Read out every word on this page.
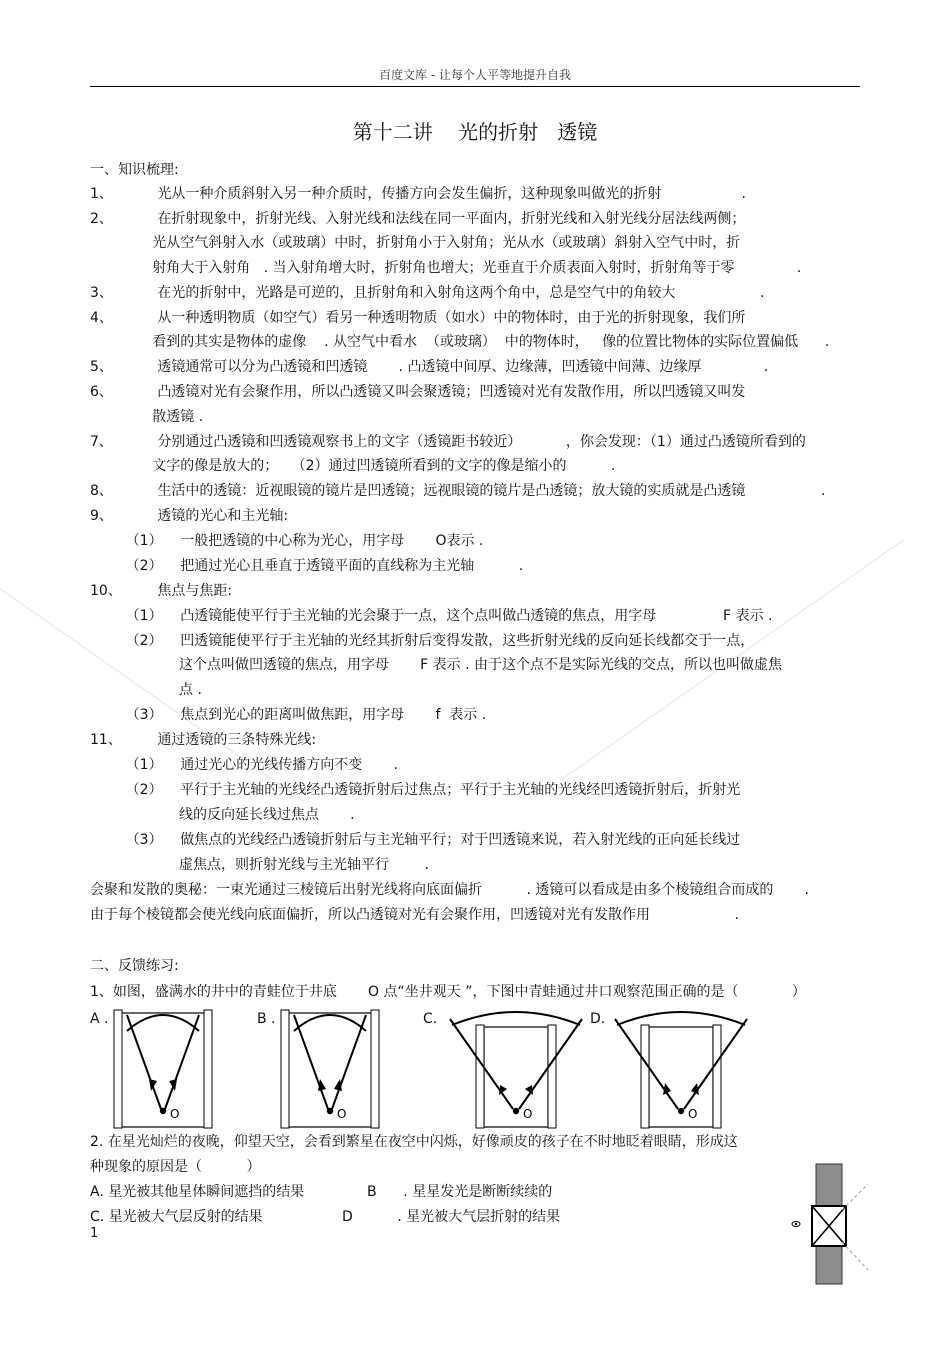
百度文库 - 让每个人平等地提升自我
第十二讲    光的折射   透镜
一、知识梳理:
1、          光从一种介质斜射入另一种介质时，传播方向会发生偏折，这种现象叫做光的折射                  .
2、          在折射现象中，折射光线、入射光线和法线在同一平面内，折射光线和入射光线分居法线两侧；
光从空气斜射入水（或玻璃）中时，折射角小于入射角；光从水（或玻璃）斜射入空气中时，折
射角大于入射角   . 当入射角增大时，折射角也增大；光垂直于介质表面入射时，折射角等于零              .
3、          在光的折射中，光路是可逆的，且折射角和入射角这两个角中，总是空气中的角较大                   .
4、          从一种透明物质（如空气）看另一种透明物质（如水）中的物体时，由于光的折射现象，我们所
看到的其实是物体的虚像    . 从空气中看水  （或玻璃）  中的物体时，   像的位置比物体的实际位置偏低      .
5、          透镜通常可以分为凸透镜和凹透镜       . 凸透镜中间厚、边缘薄，凹透镜中间薄、边缘厚              .
6、          凸透镜对光有会聚作用，所以凸透镜又叫会聚透镜；凹透镜对光有发散作用，所以凹透镜又叫发
散透镜 .
7、          分别通过凸透镜和凹透镜观察书上的文字（透镜距书较近）          ，你会发现：（1）通过凸透镜所看到的
文字的像是放大的；   （2）通过凹透镜所看到的文字的像是缩小的          .
8、          生活中的透镜：近视眼镜的镜片是凹透镜；远视眼镜的镜片是凸透镜；放大镜的实质就是凸透镜                 .
9、          透镜的光心和主光轴:
（1）    一般把透镜的中心称为光心，用字母       O表示 .
（2）    把通过光心且垂直于透镜平面的直线称为主光轴          .
10、        焦点与焦距:
（1）    凸透镜能使平行于主光轴的光会聚于一点，这个点叫做凸透镜的焦点，用字母               F 表示 .
（2）    凹透镜能使平行于主光轴的光经其折射后变得发散，这些折射光线的反向延长线都交于一点，
这个点叫做凹透镜的焦点，用字母       F 表示 . 由于这个点不是实际光线的交点，所以也叫做虚焦
点 .
（3）    焦点到光心的距离叫做焦距，用字母       f  表示 .
11、        通过透镜的三条特殊光线:
（1）    通过光心的光线传播方向不变       .
（2）    平行于主光轴的光线经凸透镜折射后过焦点；平行于主光轴的光线经凹透镜折射后，折射光
线的反向延长线过焦点       .
（3）    做焦点的光线经凸透镜折射后与主光轴平行；对于凹透镜来说，若入射光线的正向延长线过
虚焦点，则折射光线与主光轴平行        .
会聚和发散的奥秘：一束光通过三棱镜后出射光线将向底面偏折          . 透镜可以看成是由多个棱镜组合而成的       .
由于每个棱镜都会使光线向底面偏折，所以凸透镜对光有会聚作用，凹透镜对光有发散作用                   .
二、反馈练习:
1、如图，盛满水的井中的青蛙位于井底       O 点“坐井观天 ”，下图中青蛙通过井口观察范围正确的是（            ）
A .
O
B .
O
C.
O
D.
O
2. 在星光灿烂的夜晚，仰望天空，会看到繁星在夜空中闪烁，好像顽皮的孩子在不时地眨着眼睛，形成这
种现象的原因是（          ）
A. 星光被其他星体瞬间遮挡的结果	B      . 星星发光是断断续续的
C. 星光被大气层反射的结果	D          . 星光被大气层折射的结果
1
